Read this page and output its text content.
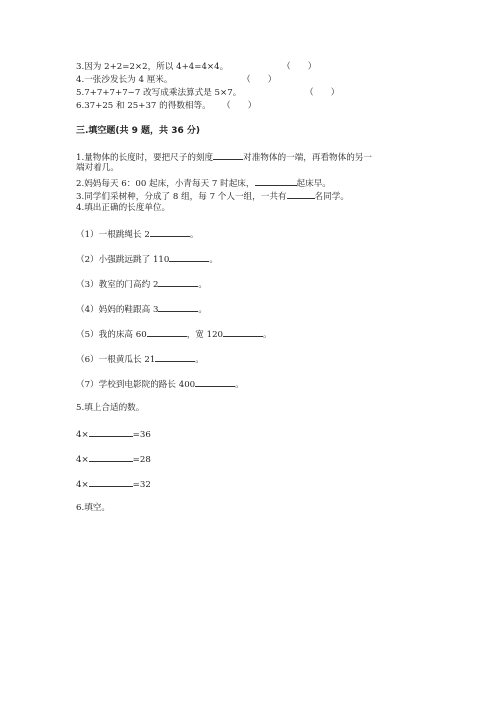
3.因为 2+2=2×2，所以 4+4=4×4。	（　　）
4.一张沙发长为 4 厘米。	（　　）
5.7+7+7+7−7 改写成乘法算式是 5×7。	（　　）
6.37+25 和 25+37 的得数相等。 （　　）
三.填空题(共 9 题，共 36 分)
1.量物体的长度时，要把尺子的刻度	对准物体的一端，再看物体的另一
端对着几。
2.妈妈每天 6：00 起床，小青每天 7 时起床，	起床早。
3.同学们采树种，分成了 8 组，每 7 个人一组，一共有	名同学。
4.填出正确的长度单位。
（1）一根跳绳长 2	。
（2）小强跳远跳了 110	。
（3）教室的门高约 2	。
（4）妈妈的鞋跟高 3	。
（5）我的床高 60	，宽 120	。
（6）一根黄瓜长 21	。
（7）学校到电影院的路长 400	。
5.填上合适的数。
4×	=36
4×	=28
4×	=32
6.填空。
